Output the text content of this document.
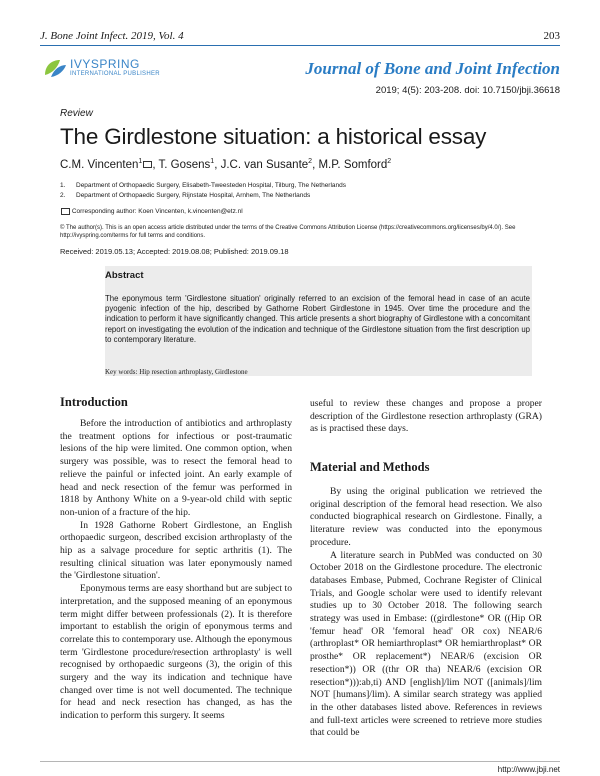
J. Bone Joint Infect. 2019, Vol. 4	203
IVYSPRING
INTERNATIONAL PUBLISHER	Journal of Bone and Joint Infection
2019; 4(5): 203-208. doi: 10.7150/jbji.36618
Review
The Girdlestone situation: a historical essay
C.M. Vincenten$^1$ , T. Gosens$^1$, J.C. van Susante$^2$, M.P. Somford$^2$
1. Department of Orthopaedic Surgery, Elisabeth-Tweesteden Hospital, Tilburg, The Netherlands
2. Department of Orthopaedic Surgery, Rijnstate Hospital, Arnhem, The Netherlands
Corresponding author: Koen Vincenten, k.vincenten@etz.nl
© The author(s). This is an open access article distributed under the terms of the Creative Commons Attribution License (https://creativecommons.org/licenses/by/4.0/). See http://ivyspring.com/terms for full terms and conditions.
Received: 2019.05.13; Accepted: 2019.08.08; Published: 2019.09.18
Abstract
The eponymous term 'Girdlestone situation' originally referred to an excision of the femoral head in case of an acute pyogenic infection of the hip, described by Gathorne Robert Girdlestone in 1945. Over time the procedure and the indication to perform it have significantly changed. This article presents a short biography of Girdlestone with a concomitant report on investigating the evolution of the indication and technique of the Girdlestone situation from the first description up to contemporary literature.
Key words: Hip resection arthroplasty, Girdlestone
Introduction

Before the introduction of antibiotics and arthroplasty the treatment options for infectious or post-traumatic lesions of the hip were limited. One common option, when surgery was possible, was to resect the femoral head to relieve the painful or infected joint. An early example of head and neck resection of the femur was performed in 1818 by Anthony White on a 9-year-old child with septic non-union of a fracture of the hip.

In 1928 Gathorne Robert Girdlestone, an English orthopaedic surgeon, described excision arthroplasty of the hip as a salvage procedure for septic arthritis (1). The resulting clinical situation was later eponymously named the 'Girdlestone situation'.

Eponymous terms are easy shorthand but are subject to interpretation, and the supposed meaning of an eponymous term might differ between professionals (2). It is therefore important to establish the origin of eponymous terms and correlate this to contemporary use. Although the eponymous term 'Girdlestone procedure/resection arthroplasty' is well recognised by orthopaedic surgeons (3), the origin of this surgery and the way its indication and technique have changed over time is not well documented. The technique for head and neck resection has changed, as has the indication to perform this surgery. It seems

useful to review these changes and propose a proper description of the Girdlestone resection arthroplasty (GRA) as is practised these days.

Material and Methods

By using the original publication we retrieved the original description of the femoral head resection. We also conducted biographical research on Girdlestone. Finally, a literature review was conducted into the eponymous procedure.

A literature search in PubMed was conducted on 30 October 2018 on the Girdlestone procedure. The electronic databases Embase, Pubmed, Cochrane Register of Clinical Trials, and Google scholar were used to identify relevant studies up to 30 October 2018. The following search strategy was used in Embase: ((girdlestone* OR ((Hip OR 'femur head' OR 'femoral head' OR cox) NEAR/6 (arthroplast* OR hemiarthroplast* OR hemiarthroplast* OR prosthe* OR replacement*) NEAR/6 (excision OR resection*)) OR ((thr OR tha) NEAR/6 (excision OR resection*))):ab,ti) AND [english]/lim NOT ([animals]/lim NOT [humans]/lim). A similar search strategy was applied in the other databases listed above. References in reviews and full-text articles were screened to retrieve more studies that could be

http://www.jbji.net
